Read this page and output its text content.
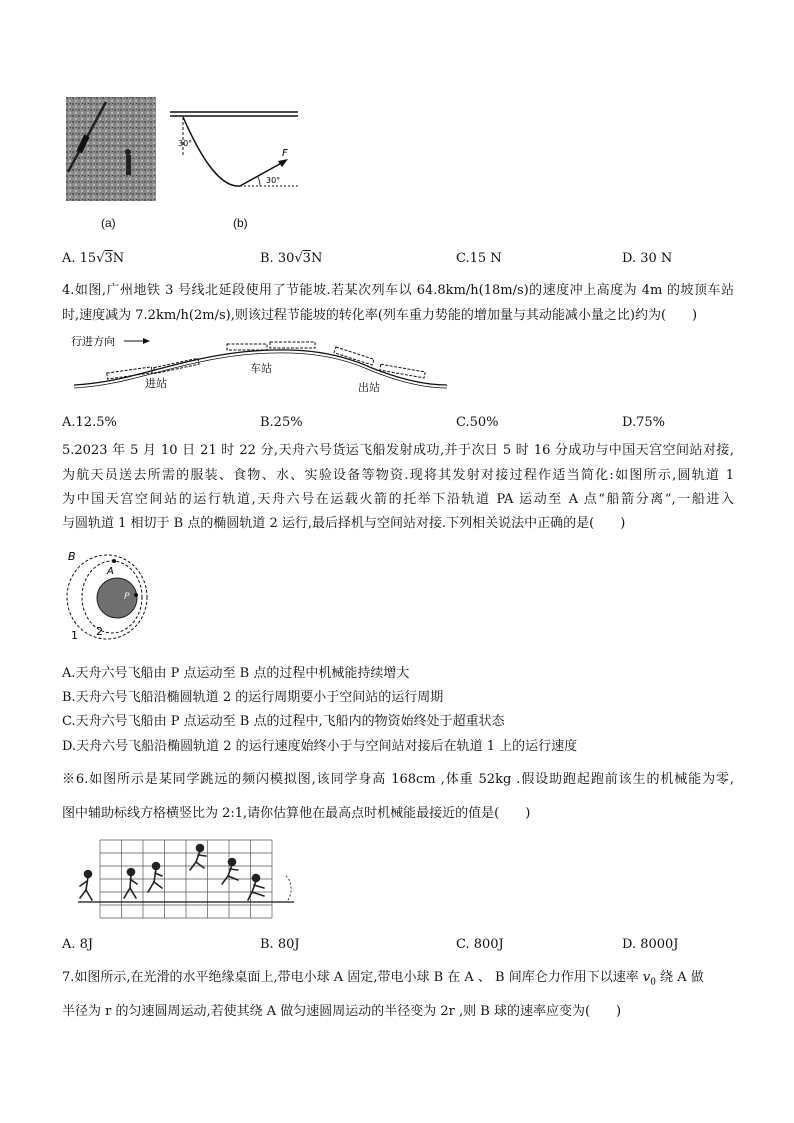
30°
30°
F
(a)	(b)
A. 15√3N	B. 30√3N	C.15 N	D. 30 N
4.如图,广州地铁 3 号线北延段使用了节能坡.若某次列车以 64.8km/h(18m/s)的速度冲上高度为 4m 的坡顶车站
时,速度减为 7.2km/h(2m/s),则该过程节能坡的转化率(列车重力势能的增加量与其动能减小量之比)约为(　　)
行进方向
进站
车站
出站
A.12.5%	B.25%	C.50%	D.75%
5.2023 年 5 月 10 日 21 时 22 分,天舟六号货运飞船发射成功,并于次日 5 时 16 分成功与中国天宫空间站对接,
为航天员送去所需的服装、食物、水、实验设备等物资.现将其发射对接过程作适当简化:如图所示,圆轨道 1
为中国天宫空间站的运行轨道,天舟六号在运载火箭的托举下沿轨道 PA 运动至 A 点“船箭分离”,一船进入
与圆轨道 1 相切于 B 点的椭圆轨道 2 运行,最后择机与空间站对接.下列相关说法中正确的是(　　)
B
A
P
1 2
A.天舟六号飞船由 P 点运动至 B 点的过程中机械能持续增大
B.天舟六号飞船沿椭圆轨道 2 的运行周期要小于空间站的运行周期
C.天舟六号飞船由 P 点运动至 B 点的过程中,飞船内的物资始终处于超重状态
D.天舟六号飞船沿椭圆轨道 2 的运行速度始终小于与空间站对接后在轨道 1 上的运行速度
※6.如图所示是某同学跳远的频闪模拟图,该同学身高 168cm ,体重 52kg .假设助跑起跑前该生的机械能为零,
图中辅助标线方格横竖比为 2:1,请你估算他在最高点时机械能最接近的值是(　　)
A. 8J	B. 80J	C. 800J	D. 8000J
7.如图所示,在光滑的水平绝缘桌面上,带电小球 A 固定,带电小球 B 在 A 、 B 间库仑力作用下以速率 $v_0$ 绕 A 做
半径为 r 的匀速圆周运动,若使其绕 A 做匀速圆周运动的半径变为 2r ,则 B 球的速率应变为(　　)
